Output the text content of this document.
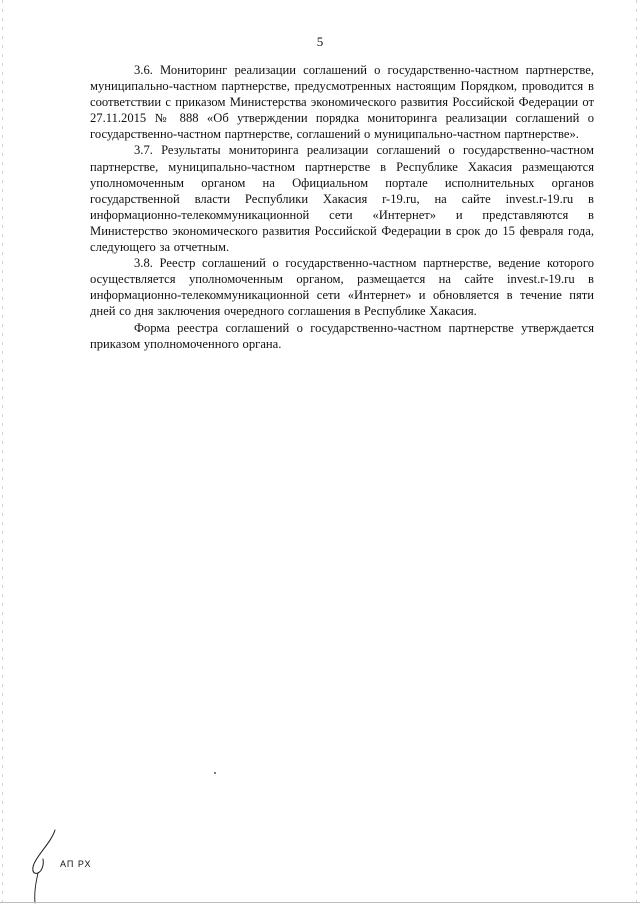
5

3.6. Мониторинг реализации соглашений о государственно-частном партнерстве, муниципально-частном партнерстве, предусмотренных настоящим Порядком, проводится в соответствии с приказом Министерства экономического развития Российской Федерации от 27.11.2015 № 888 «Об утверждении порядка мониторинга реализации соглашений о государственно-частном партнерстве, соглашений о муниципально-частном партнерстве».

3.7. Результаты мониторинга реализации соглашений о государственно-частном партнерстве, муниципально-частном партнерстве в Республике Хакасия размещаются уполномоченным органом на Официальном портале исполнительных органов государственной власти Республики Хакасия r-19.ru, на сайте invest.r-19.ru в информационно-телекоммуникационной сети «Интернет» и представляются в Министерство экономического развития Российской Федерации в срок до 15 февраля года, следующего за отчетным.

3.8. Реестр соглашений о государственно-частном партнерстве, ведение которого осуществляется уполномоченным органом, размещается на сайте invest.r-19.ru в информационно-телекоммуникационной сети «Интернет» и обновляется в течение пяти дней со дня заключения очередного соглашения в Республике Хакасия.

Форма реестра соглашений о государственно-частном партнерстве утверждается приказом уполномоченного органа.

АП РХ
